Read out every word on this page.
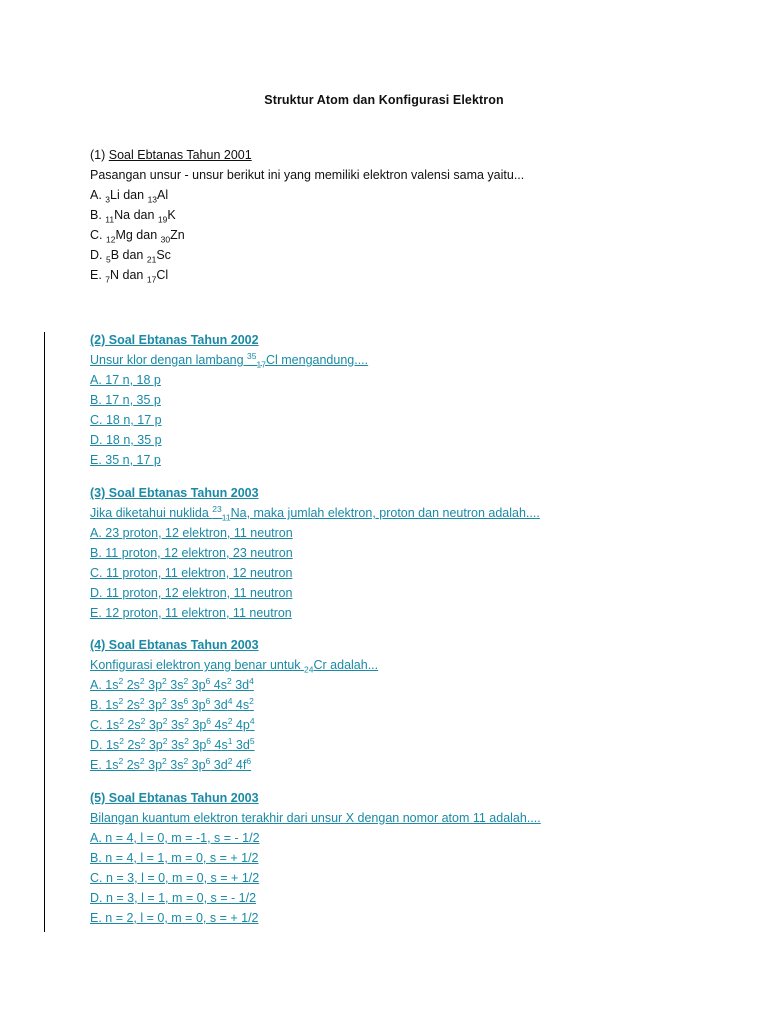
Struktur Atom dan Konfigurasi Elektron
(1) Soal Ebtanas Tahun 2001
Pasangan unsur - unsur berikut ini yang memiliki elektron valensi sama yaitu...
A. $_3$Li dan $_{13}$Al
B. $_{11}$Na dan $_{19}$K
C. $_{12}$Mg dan $_{30}$Zn
D. $_5$B dan $_{21}$Sc
E. $_7$N dan $_{17}$Cl
(2) Soal Ebtanas Tahun 2002
Unsur klor dengan lambang $^{35}_{17}$Cl mengandung....
A. 17 n, 18 p
B. 17 n, 35 p
C. 18 n, 17 p
D. 18 n, 35 p
E. 35 n, 17 p
(3) Soal Ebtanas Tahun 2003
Jika diketahui nuklida $^{23}_{11}$Na, maka jumlah elektron, proton dan neutron adalah....
A. 23 proton, 12 elektron, 11 neutron
B. 11 proton, 12 elektron, 23 neutron
C. 11 proton, 11 elektron, 12 neutron
D. 11 proton, 12 elektron, 11 neutron
E. 12 proton, 11 elektron, 11 neutron
(4) Soal Ebtanas Tahun 2003
Konfigurasi elektron yang benar untuk $_{24}$Cr adalah...
A. $1s^2$ $2s^2$ $3p^2$ $3s^2$ $3p^6$ $4s^2$ $3d^4$
B. $1s^2$ $2s^2$ $3p^2$ $3s^6$ $3p^6$ $3d^4$ $4s^2$
C. $1s^2$ $2s^2$ $3p^2$ $3s^2$ $3p^6$ $4s^2$ $4p^4$
D. $1s^2$ $2s^2$ $3p^2$ $3s^2$ $3p^6$ $4s^1$ $3d^5$
E. $1s^2$ $2s^2$ $3p^2$ $3s^2$ $3p^6$ $3d^2$ $4f^6$
(5) Soal Ebtanas Tahun 2003
Bilangan kuantum elektron terakhir dari unsur X dengan nomor atom 11 adalah....
A. n = 4, l = 0, m = -1, s = - 1/2
B. n = 4, l = 1, m = 0, s = + 1/2
C. n = 3, l = 0, m = 0, s = + 1/2
D. n = 3, l = 1, m = 0, s = - 1/2
E. n = 2, l = 0, m = 0, s = + 1/2
